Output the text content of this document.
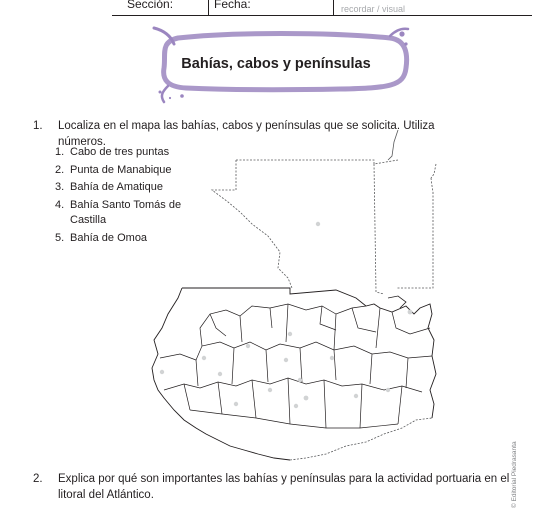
Sección:	Fecha:	recordar / visual
Bahías, cabos y penínsulas
1. Localiza en el mapa las bahías, cabos y penínsulas que se solicita. Utiliza números.
1. Cabo de tres puntas
2. Punta de Manabique
3. Bahía de Amatique
4. Bahía Santo Tomás de Castilla
5. Bahía de Omoa
2. Explica por qué son importantes las bahías y penínsulas para la actividad portuaria en el litoral del Atlántico.	© Editorial Piedrasanta
